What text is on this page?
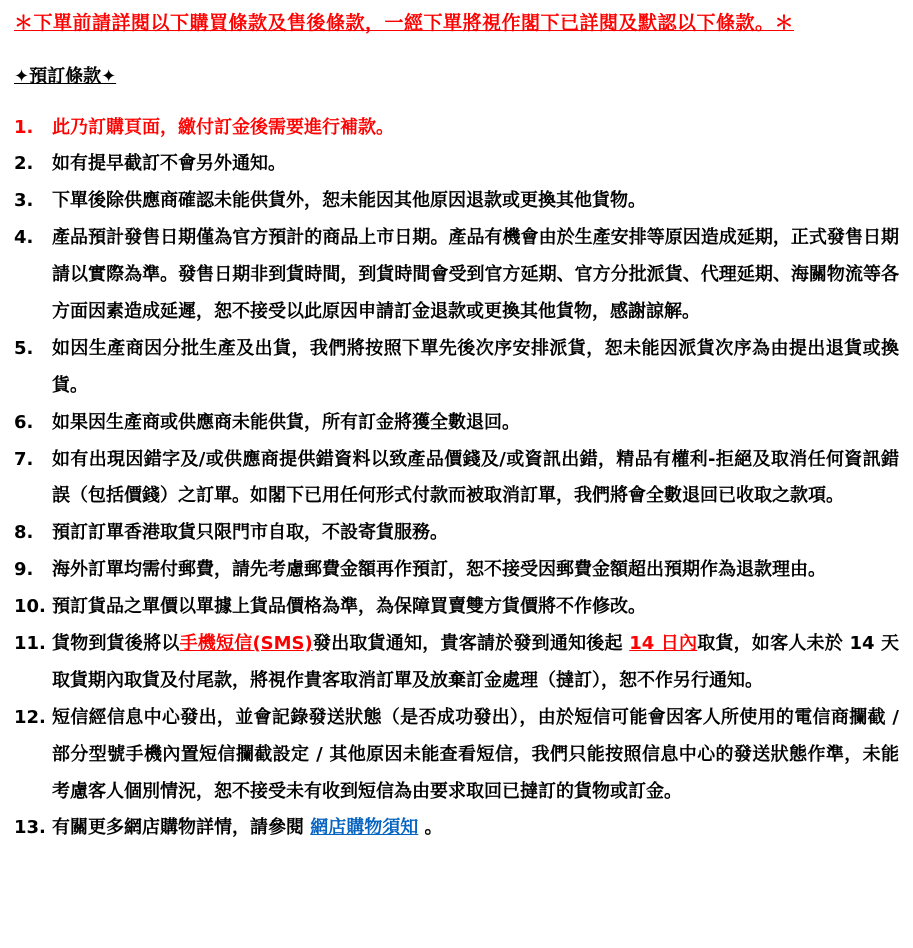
＊下單前請詳閱以下購買條款及售後條款，一經下單將視作閣下已詳閱及默認以下條款。＊
✦預訂條款✦
1.	此乃訂購頁面，繳付訂金後需要進行補款。
2.	如有提早截訂不會另外通知。
3.	下單後除供應商確認未能供貨外，恕未能因其他原因退款或更換其他貨物。
4.	產品預計發售日期僅為官方預計的商品上市日期。產品有機會由於生產安排等原因造成延期，正式發售日期請以實際為準。發售日期非到貨時間，到貨時間會受到官方延期、官方分批派貨、代理延期、海關物流等各方面因素造成延遲，恕不接受以此原因申請訂金退款或更換其他貨物，感謝諒解。
5.	如因生產商因分批生產及出貨，我們將按照下單先後次序安排派貨，恕未能因派貨次序為由提出退貨或換貨。
6.	如果因生產商或供應商未能供貨，所有訂金將獲全數退回。
7.	如有出現因錯字及/或供應商提供錯資料以致產品價錢及/或資訊出錯，精品有權利-拒絕及取消任何資訊錯誤（包括價錢）之訂單。如閣下已用任何形式付款而被取消訂單，我們將會全數退回已收取之款項。
8.	預訂訂單香港取貨只限門市自取，不設寄貨服務。
9.	海外訂單均需付郵費，請先考慮郵費金額再作預訂，恕不接受因郵費金額超出預期作為退款理由。
10. 預訂貨品之單價以單據上貨品價格為準，為保障買賣雙方貨價將不作修改。
11. 貨物到貨後將以手機短信(SMS)發出取貨通知，貴客請於發到通知後起 14 日內取貨，如客人未於 14 天取貨期內取貨及付尾款，將視作貴客取消訂單及放棄訂金處理（撻訂），恕不作另行通知。
12. 短信經信息中心發出，並會記錄發送狀態（是否成功發出），由於短信可能會因客人所使用的電信商攔截 / 部分型號手機內置短信攔截設定 / 其他原因未能查看短信，我們只能按照信息中心的發送狀態作準，未能考慮客人個別情況，恕不接受未有收到短信為由要求取回已撻訂的貨物或訂金。
13. 有關更多網店購物詳情，請參閱 網店購物須知 。
